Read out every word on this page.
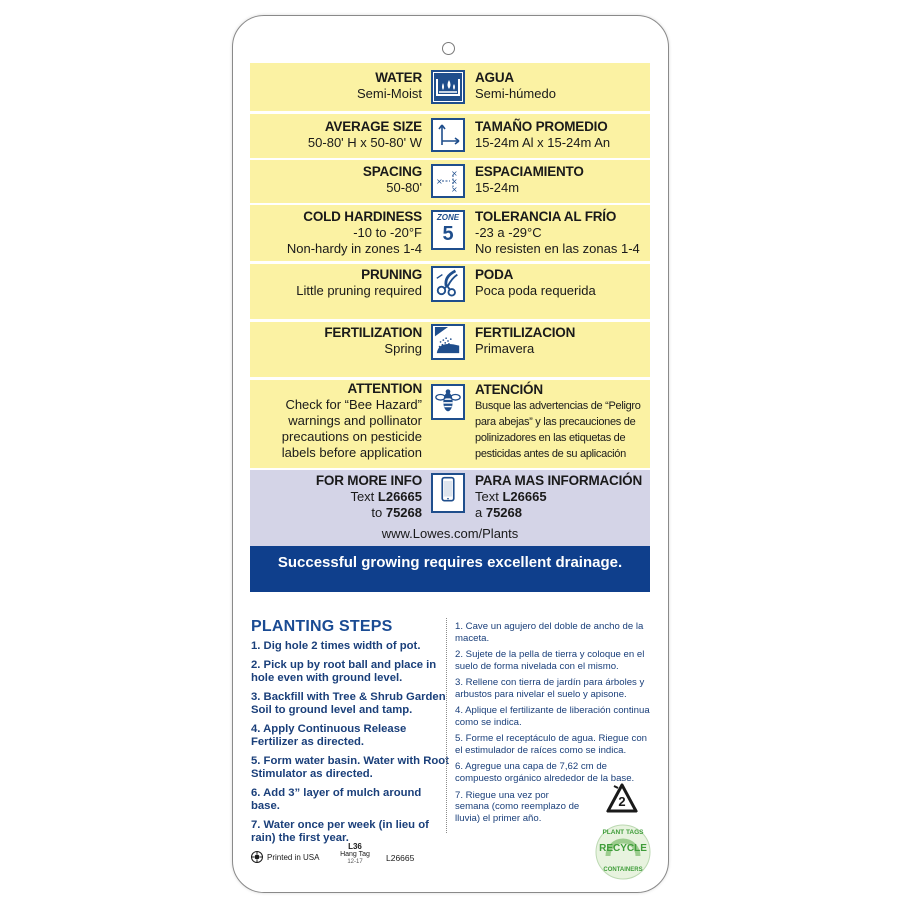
WATER
Semi-Moist
AGUA
Semi-húmedo
AVERAGE SIZE
50-80' H x 50-80' W
TAMAÑO PROMEDIO
15-24m Al x 15-24m An
SPACING
50-80'
×
×
×
×
ESPACIAMIENTO
15-24m
COLD HARDINESS
-10 to -20°F
Non-hardy in zones 1-4
ZONE
5
TOLERANCIA AL FRÍO
-23 a -29°C
No resisten en las zonas 1-4
PRUNING
Little pruning required
PODA
Poca poda requerida
FERTILIZATION
Spring
FERTILIZACION
Primavera
ATTENTION
Check for “Bee Hazard”
warnings and pollinator
precautions on pesticide
labels before application
ATENCIÓN
Busque las advertencias de “Peligro
para abejas” y las precauciones de
polinizadores en las etiquetas de
pesticidas antes de su aplicación
FOR MORE INFO
Text L26665
to 75268
PARA MAS INFORMACIÓN
Text L26665
a 75268
www.Lowes.com/Plants
Successful growing requires excellent drainage.
PLANTING STEPS
1. Dig hole 2 times width of pot.
2. Pick up by root ball and place in hole even with ground level.
3. Backfill with Tree & Shrub Garden Soil to ground level and tamp.
4. Apply Continuous Release Fertilizer as directed.
5. Form water basin. Water with Root Stimulator as directed.
6. Add 3” layer of mulch around base.
7. Water once per week (in lieu of rain) the first year.
1. Cave un agujero del doble de ancho de la maceta.
2. Sujete de la pella de tierra y coloque en el suelo de forma nivelada con el mismo.
3. Rellene con tierra de jardín para árboles y arbustos para nivelar el suelo y apisone.
4. Aplique el fertilizante de liberación continua como se indica.
5. Forme el receptáculo de agua. Riegue con el estimulador de raíces como se indica.
6. Agregue una capa de 7,62 cm de compuesto orgánico alrededor de la base.
7. Riegue una vez por semana (como reemplazo de lluvia) el primer año.
2
PLANT TAGS
RECYCLE
CONTAINERS
Printed in USA
L36
Hang Tag
12-17	L26665
